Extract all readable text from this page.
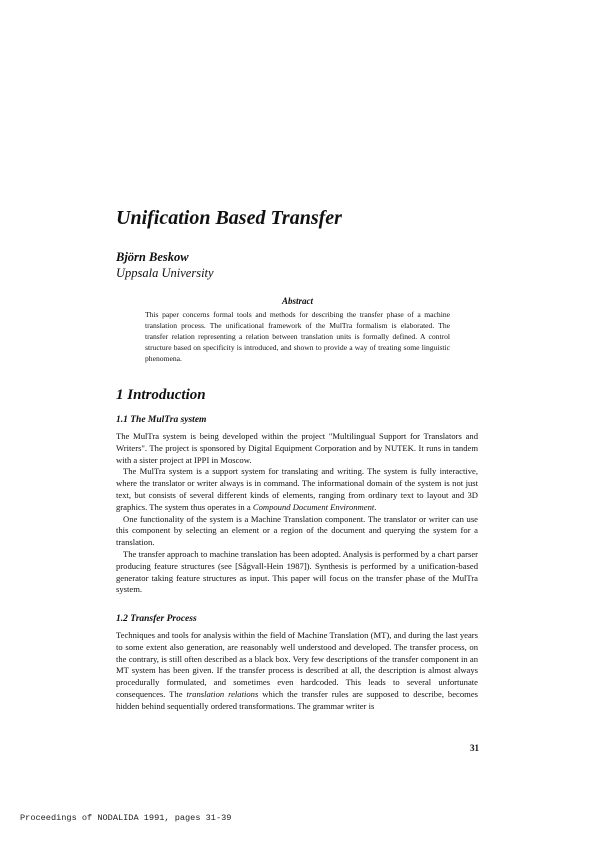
Unification Based Transfer
Björn Beskow
Uppsala University
Abstract

This paper concerns formal tools and methods for describing the transfer phase of a machine translation process. The unificational framework of the MulTra formalism is elaborated. The transfer relation representing a relation between translation units is formally defined. A control structure based on specificity is introduced, and shown to provide a way of treating some linguistic phenomena.

1 Introduction
1.1 The MulTra system

The MulTra system is being developed within the project "Multilingual Support for Translators and Writers". The project is sponsored by Digital Equipment Corporation and by NUTEK. It runs in tandem with a sister project at IPPI in Moscow.

The MulTra system is a support system for translating and writing. The system is fully interactive, where the translator or writer always is in command. The informational domain of the system is not just text, but consists of several different kinds of elements, ranging from ordinary text to layout and 3D graphics. The system thus operates in a Compound Document Environment.

One functionality of the system is a Machine Translation component. The translator or writer can use this component by selecting an element or a region of the document and querying the system for a translation.

The transfer approach to machine translation has been adopted. Analysis is performed by a chart parser producing feature structures (see [Sågvall-Hein 1987]). Synthesis is performed by a unification-based generator taking feature structures as input. This paper will focus on the transfer phase of the MulTra system.

1.2 Transfer Process

Techniques and tools for analysis within the field of Machine Translation (MT), and during the last years to some extent also generation, are reasonably well understood and developed. The transfer process, on the contrary, is still often described as a black box. Very few descriptions of the transfer component in an MT system has been given. If the transfer process is described at all, the description is almost always procedurally formulated, and sometimes even hardcoded. This leads to several unfortunate consequences. The translation relations which the transfer rules are supposed to describe, becomes hidden behind sequentially ordered transformations. The grammar writer is

31
Proceedings of NODALIDA 1991, pages 31-39
